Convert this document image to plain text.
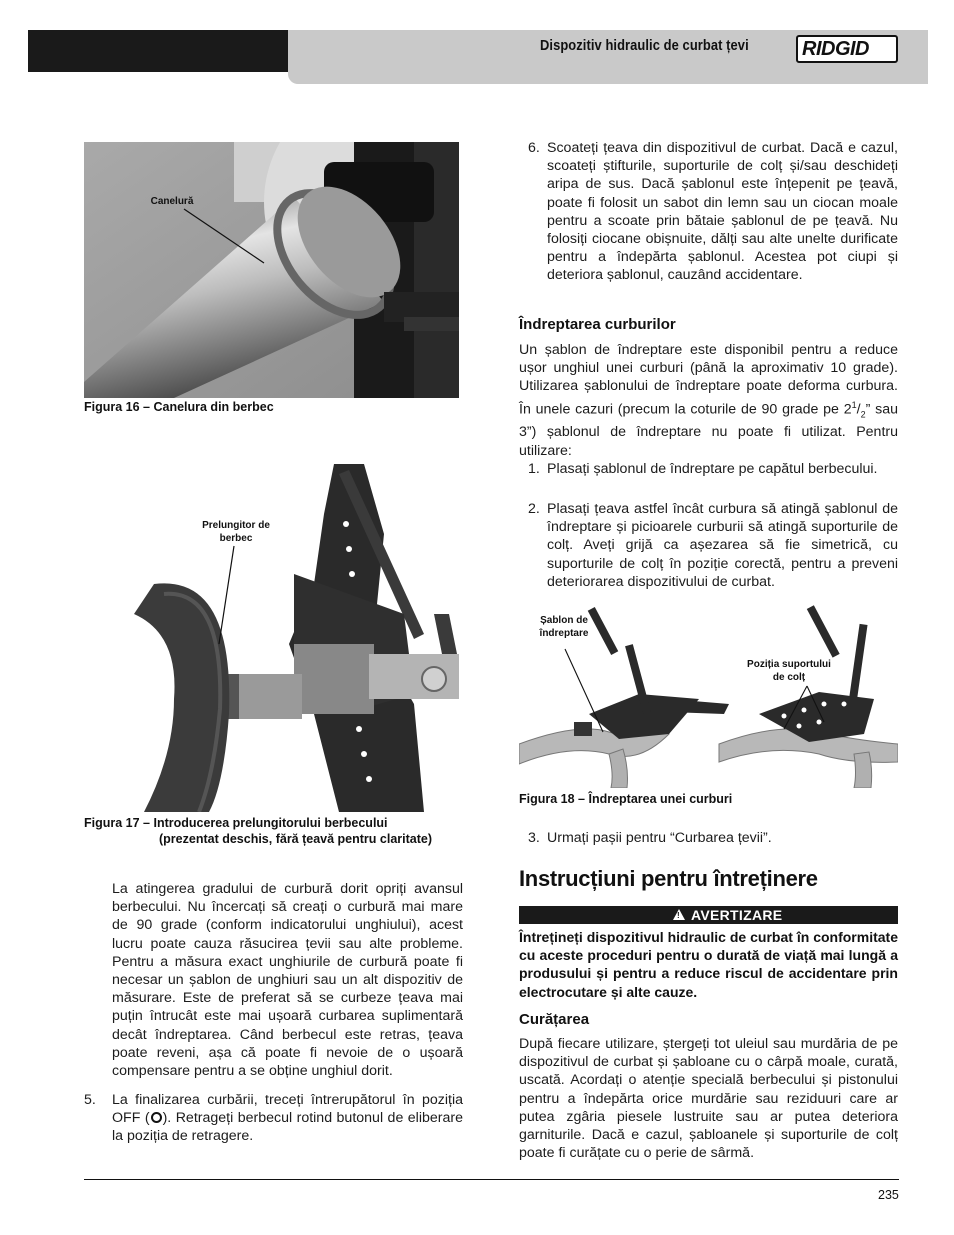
Dispozitiv hidraulic de curbat țevi	RIDGID
Canelură
Figura 16 – Canelura din berbec
Prelungitor de
berbec
Figura 17 – Introducerea prelungitorului berbecului
(prezentat deschis, fără țeavă pentru claritate)
La atingerea gradului de curbură dorit opriți avansul berbecului. Nu încercați să creați o curbură mai mare de 90 grade (conform indicatorului unghiului), acest lucru poate cauza răsucirea țevii sau alte probleme. Pentru a măsura exact unghiurile de curbură poate fi necesar un șablon de unghiuri sau un alt dispozitiv de măsurare. Este de preferat să se curbeze țeava mai puțin întrucât este mai ușoară curbarea suplimentară decât îndreptarea. Când berbecul este retras, țeava poate reveni, așa că poate fi nevoie de o ușoară compensare pentru a se obține unghiul dorit.
5. La finalizarea curbării, treceți întrerupătorul în poziția OFF ( ). Retrageți berbecul rotind butonul de eliberare la poziția de retragere.
6. Scoateți țeava din dispozitivul de curbat. Dacă e cazul, scoateți știfturile, suporturile de colț și/sau deschideți aripa de sus. Dacă șablonul este înțepenit pe țeavă, poate fi folosit un sabot din lemn sau un ciocan moale pentru a scoate prin bătaie șablonul de pe țeavă. Nu folosiți ciocane obișnuite, dălți sau alte unelte durificate pentru a îndepărta șablonul. Acestea pot ciupi și deteriora șablonul, cauzând accidentare.
Îndreptarea curburilor
Un șablon de îndreptare este disponibil pentru a reduce ușor unghiul unei curburi (până la aproximativ 10 grade). Utilizarea șablonului de îndreptare poate deforma curbura. În unele cazuri (precum la coturile de 90 grade pe $2^1/_2$” sau 3”) șablonul de îndreptare nu poate fi utilizat. Pentru utilizare:
1. Plasați șablonul de îndreptare pe capătul berbecului.
2. Plasați țeava astfel încât curbura să atingă șablonul de îndreptare și picioarele curburii să atingă suporturile de colț. Aveți grijă ca așezarea să fie simetrică, cu suporturile de colț în poziție corectă, pentru a preveni deteriorarea dispozitivului de curbat.
Șablon de
îndreptare
Poziția suportului
de colț
Figura 18 – Îndreptarea unei curburi
3. Urmați pașii pentru “Curbarea țevii”.
Instrucțiuni pentru întreținere
! AVERTIZARE
Întrețineți dispozitivul hidraulic de curbat în conformitate cu aceste proceduri pentru o durată de viață mai lungă a produsului și pentru a reduce riscul de accidentare prin electrocutare și alte cauze.
Curățarea
După fiecare utilizare, ștergeți tot uleiul sau murdăria de pe dispozitivul de curbat și șabloane cu o cârpă moale, curată, uscată. Acordați o atenție specială berbecului și pistonului pentru a îndepărta orice murdărie sau reziduuri care ar putea zgâria piesele lustruite sau ar putea deteriora garniturile. Dacă e cazul, șabloanele și suporturile de colț poate fi curățate cu o perie de sârmă.
235
